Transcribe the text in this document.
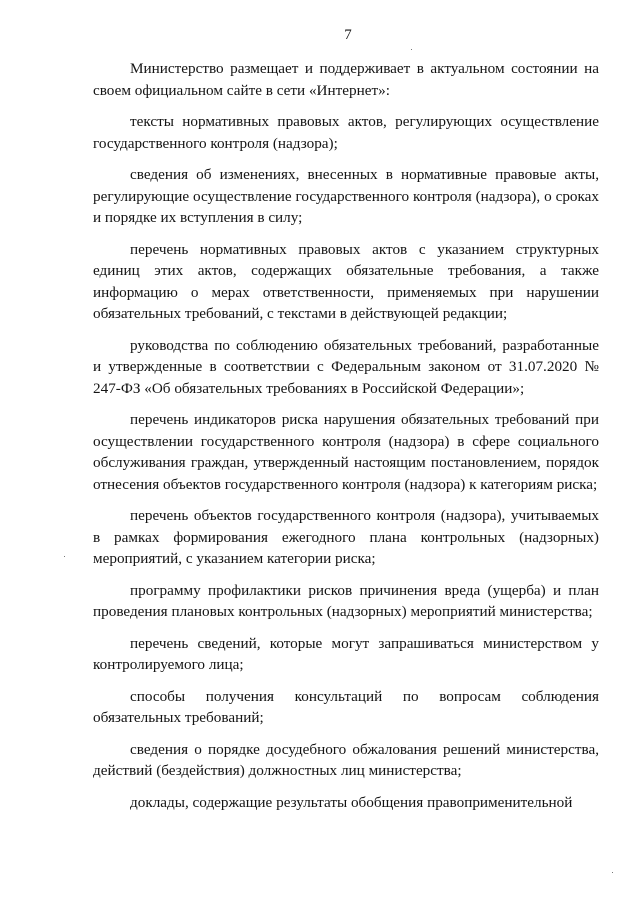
7

Министерство размещает и поддерживает в актуальном состоянии на своем официальном сайте в сети «Интернет»:

тексты нормативных правовых актов, регулирующих осуществление государственного контроля (надзора);

сведения об изменениях, внесенных в нормативные правовые акты, регулирующие осуществление государственного контроля (надзора), о сроках и порядке их вступления в силу;

перечень нормативных правовых актов с указанием структурных единиц этих актов, содержащих обязательные требования, а также информацию о мерах ответственности, применяемых при нарушении обязательных требований, с текстами в действующей редакции;

руководства по соблюдению обязательных требований, разработанные и утвержденные в соответствии с Федеральным законом от 31.07.2020 № 247-ФЗ «Об обязательных требованиях в Российской Федерации»;

перечень индикаторов риска нарушения обязательных требований при осуществлении государственного контроля (надзора) в сфере социального обслуживания граждан, утвержденный настоящим постановлением, порядок отнесения объектов государственного контроля (надзора) к категориям риска;

перечень объектов государственного контроля (надзора), учитываемых в рамках формирования ежегодного плана контрольных (надзорных) мероприятий, с указанием категории риска;

программу профилактики рисков причинения вреда (ущерба) и план проведения плановых контрольных (надзорных) мероприятий министерства;

перечень сведений, которые могут запрашиваться министерством у контролируемого лица;

способы получения консультаций по вопросам соблюдения обязательных требований;

сведения о порядке досудебного обжалования решений министерства, действий (бездействия) должностных лиц министерства;

доклады, содержащие результаты обобщения правоприменительной
